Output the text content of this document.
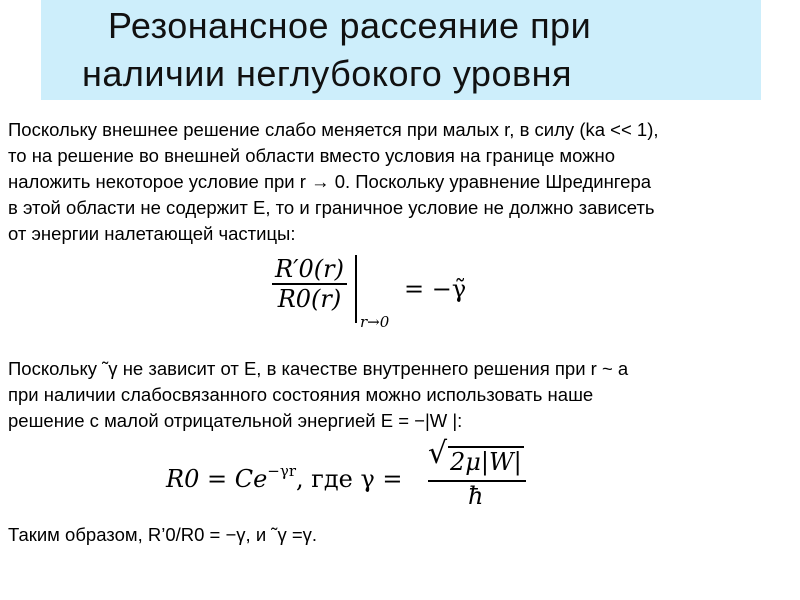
Резонансное рассеяние при
наличии неглубокого уровня
Поскольку внешнее решение слабо меняется при малых r, в силу (ka << 1),
то на решение во внешней области вместо условия на границе можно
наложить некоторое условие при r → 0. Поскольку уравнение Шредингера
в этой области не содержит E, то и граничное условие не должно зависеть
от энергии налетающей частицы:
$\frac{R'0(r)}{R0(r)}$
r→0
= −γ̃
Поскольку ˜γ не зависит от E, в качестве внутреннего решения при r ~ a
при наличии слабосвязанного состояния можно использовать наше
решение с малой отрицательной энергией E = −|W |:
$R0 = Ce^{-\gamma r}$, где γ =
√ 2μ|W|
ħ
Таким образом, R’0/R0 = −γ, и ˜γ =γ.
